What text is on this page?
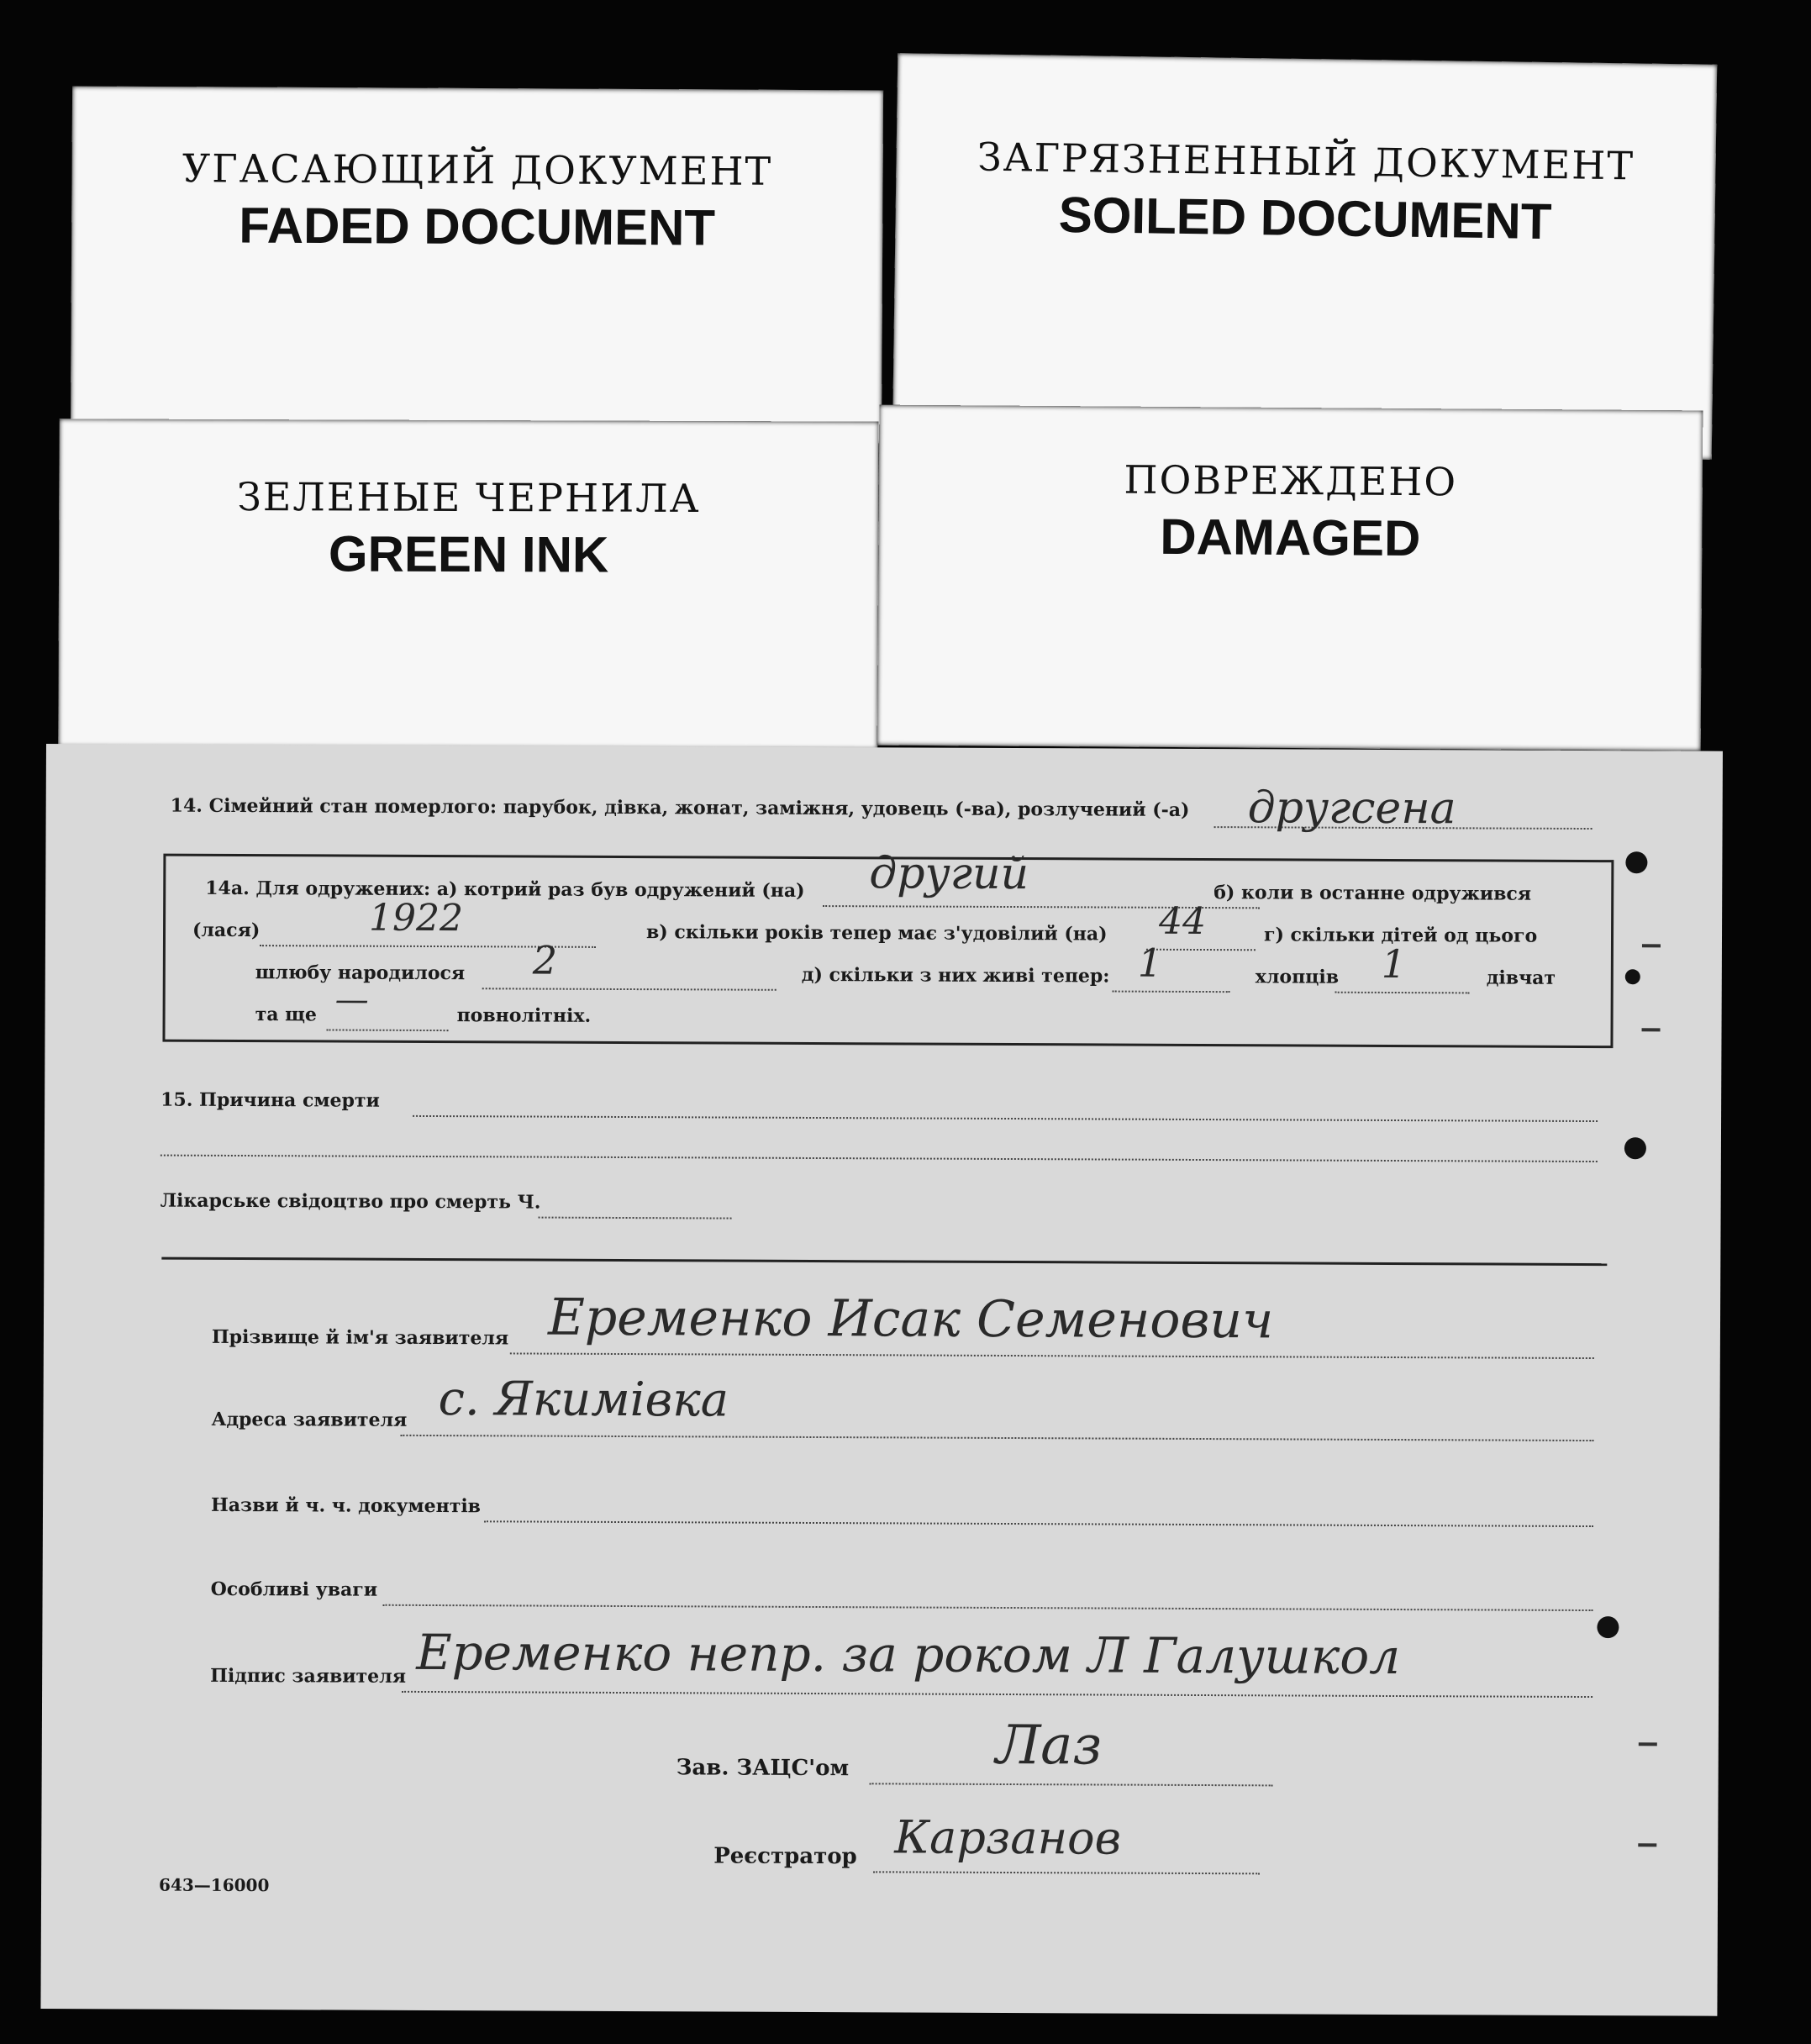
УГАСАЮЩИЙ ДОКУМЕНТ
FADED DOCUMENT
ЗАГРЯЗНЕННЫЙ ДОКУМЕНТ
SOILED DOCUMENT
ЗЕЛЕНЫЕ ЧЕРНИЛА
GREEN INK
ПОВРЕЖДЕНО
DAMAGED
14. Сімейний стан померлого: парубок, дівка, жонат, заміжня, удовець (-ва), розлучений (-а) другсена
14а. Для одружених: а) котрий раз був одружений (на) другий	б) коли в останне одружився
(лася)	1922	в) скільки років тепер має з'удовілий (на) 44	г) скільки дітей од цього
шлюбу народилося 2	д) скільки з них живі тепер: 1	хлопців 1	дівчат
та ще —	повнолітніх.
15. Причина смерти
Лікарське свідоцтво про смерть Ч.
Прізвище й ім'я заявителя Еременко Исак Семенович
Адреса заявителя с. Якимівка
Назви й ч. ч. документів
Особливі уваги
Підпис заявителя Еременко непр. за роком Л Галушкол
Зав. ЗАЦС'ом	Лаз
Реєстратор Карзанов
643—16000
